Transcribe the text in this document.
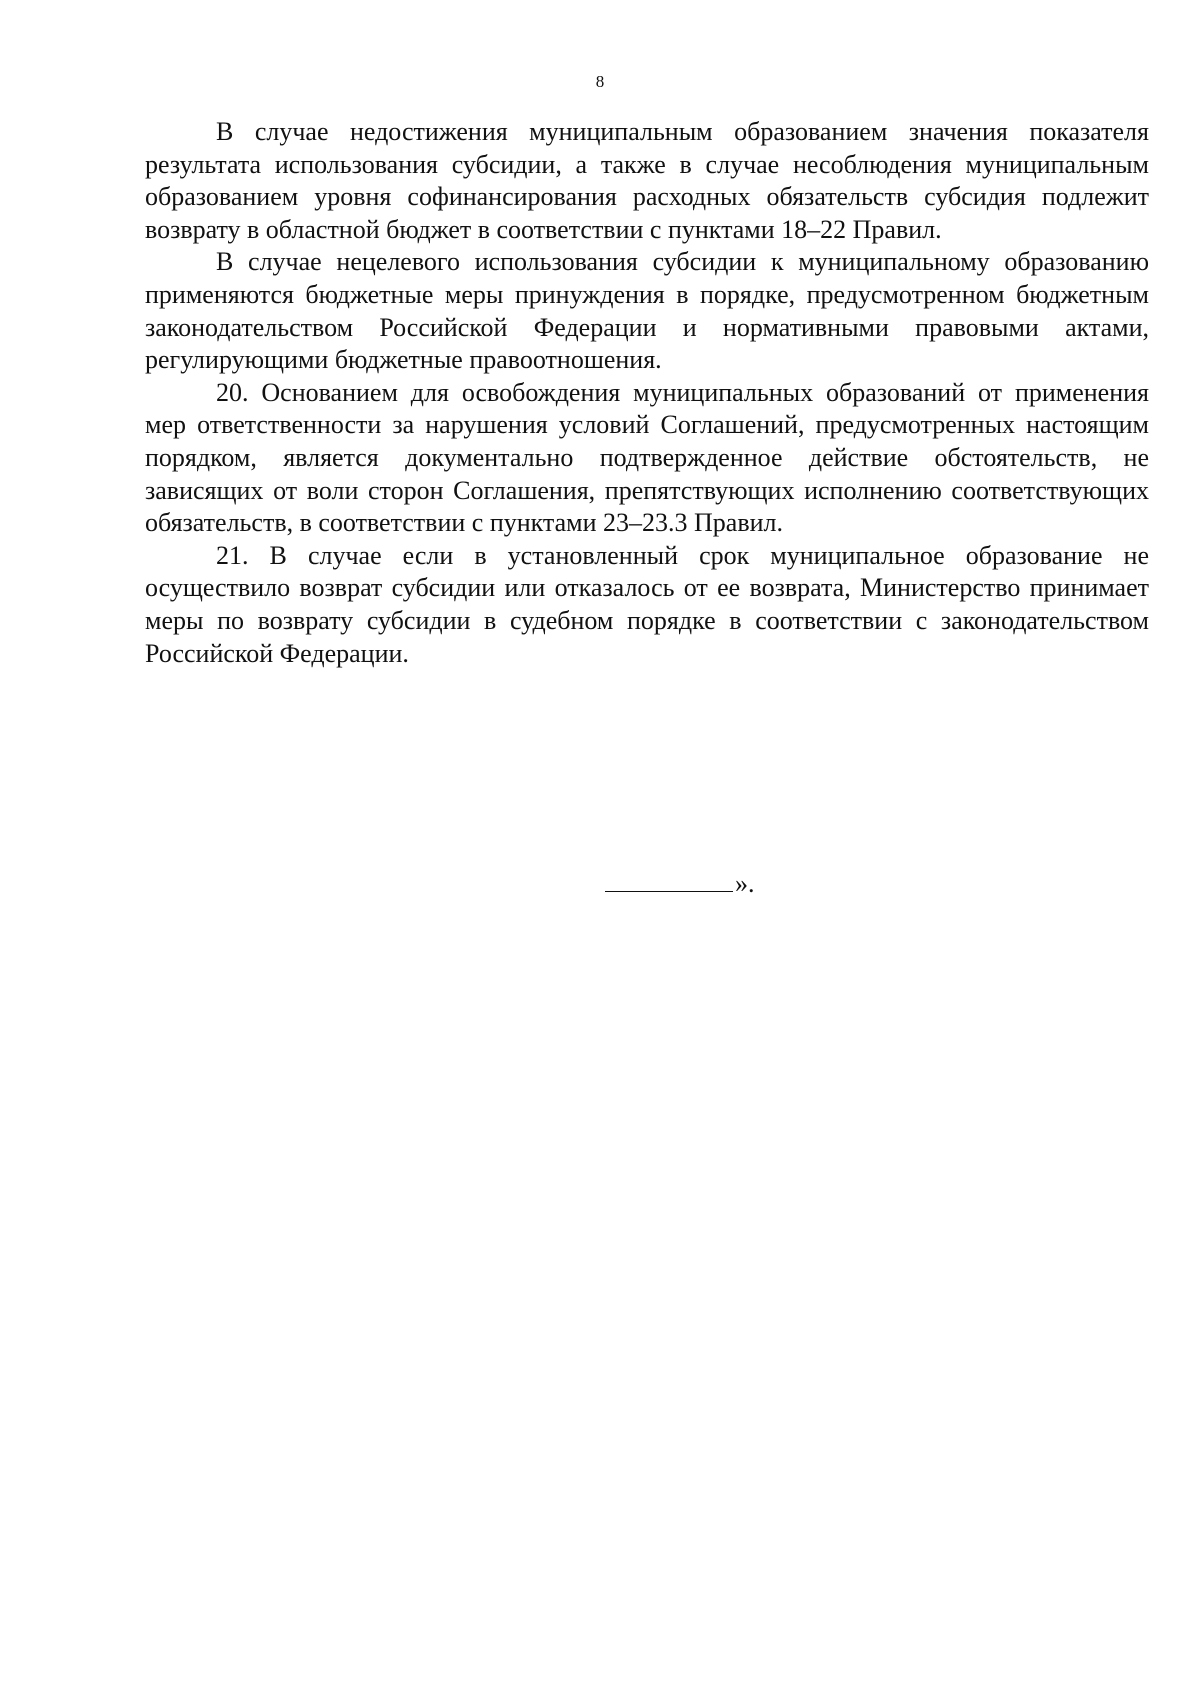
8

В случае недостижения муниципальным образованием значения показателя результата использования субсидии, а также в случае несоблюдения муниципальным образованием уровня софинансирования расходных обязательств субсидия подлежит возврату в областной бюджет в соответствии с пунктами 18–22 Правил.

В случае нецелевого использования субсидии к муниципальному образованию применяются бюджетные меры принуждения в порядке, предусмотренном бюджетным законодательством Российской Федерации и нормативными правовыми актами, регулирующими бюджетные правоотношения.

20. Основанием для освобождения муниципальных образований от применения мер ответственности за нарушения условий Соглашений, предусмотренных настоящим порядком, является документально подтвержденное действие обстоятельств, не зависящих от воли сторон Соглашения, препятствующих исполнению соответствующих обязательств, в соответствии с пунктами 23–23.3 Правил.

21. В случае если в установленный срок муниципальное образование не осуществило возврат субсидии или отказалось от ее возврата, Министерство принимает меры по возврату субсидии в судебном порядке в соответствии с законодательством Российской Федерации.

».
